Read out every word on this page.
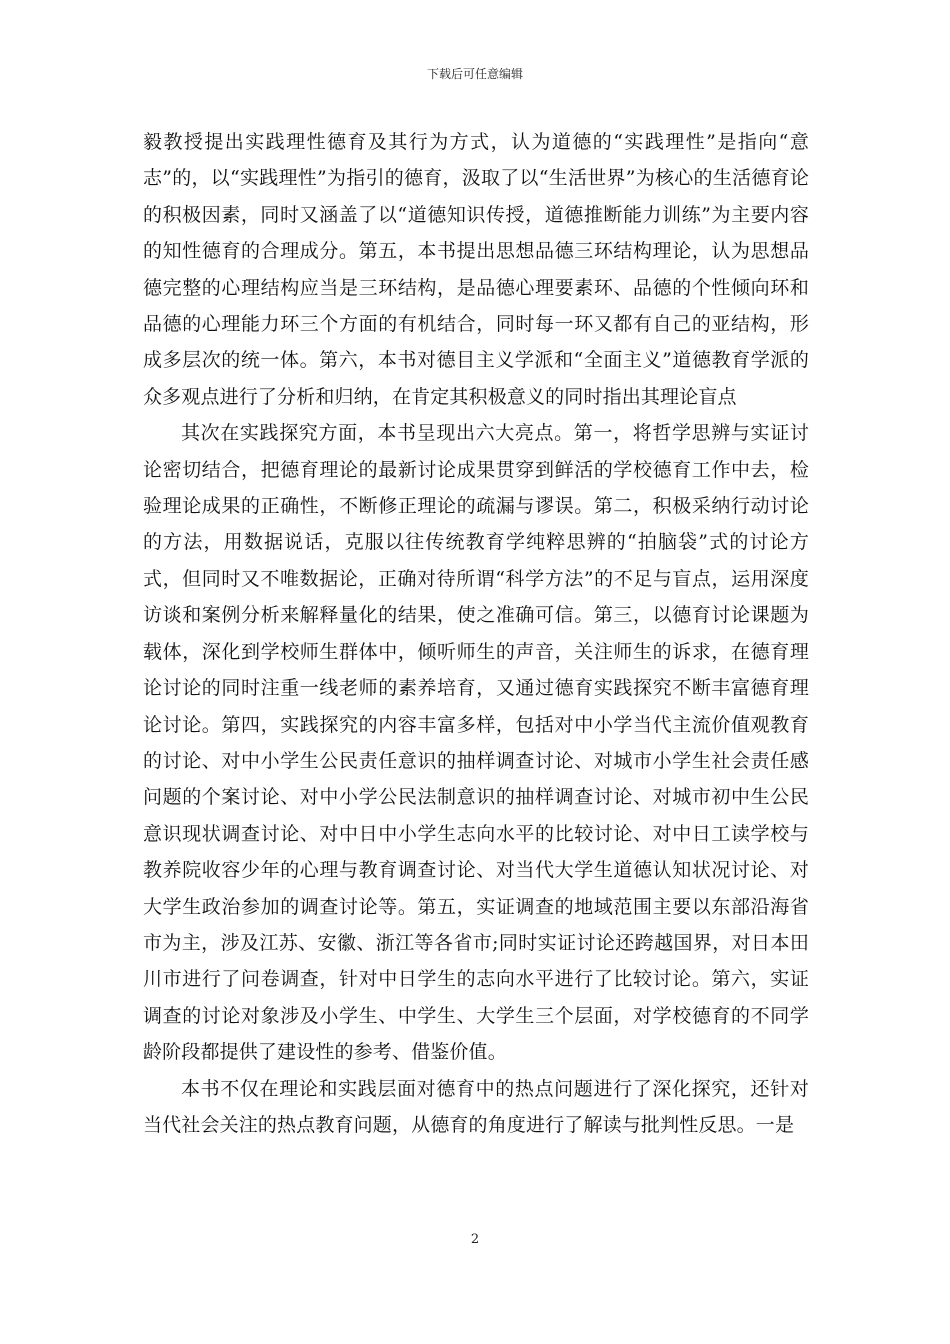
下载后可任意编辑

毅教授提出实践理性德育及其行为方式，认为道德的“实践理性”是指向“意志”的，以“实践理性”为指引的德育，汲取了以“生活世界”为核心的生活德育论的积极因素，同时又涵盖了以“道德知识传授，道德推断能力训练”为主要内容的知性德育的合理成分。第五，本书提出思想品德三环结构理论，认为思想品德完整的心理结构应当是三环结构，是品德心理要素环、品德的个性倾向环和品德的心理能力环三个方面的有机结合，同时每一环又都有自己的亚结构，形成多层次的统一体。第六，本书对德目主义学派和“全面主义”道德教育学派的众多观点进行了分析和归纳，在肯定其积极意义的同时指出其理论盲点

其次在实践探究方面，本书呈现出六大亮点。第一，将哲学思辨与实证讨论密切结合，把德育理论的最新讨论成果贯穿到鲜活的学校德育工作中去，检验理论成果的正确性，不断修正理论的疏漏与谬误。第二，积极采纳行动讨论的方法，用数据说话，克服以往传统教育学纯粹思辨的“拍脑袋”式的讨论方式，但同时又不唯数据论，正确对待所谓“科学方法”的不足与盲点，运用深度访谈和案例分析来解释量化的结果，使之准确可信。第三，以德育讨论课题为载体，深化到学校师生群体中，倾听师生的声音，关注师生的诉求，在德育理论讨论的同时注重一线老师的素养培育，又通过德育实践探究不断丰富德育理论讨论。第四，实践探究的内容丰富多样，包括对中小学当代主流价值观教育的讨论、对中小学生公民责任意识的抽样调查讨论、对城市小学生社会责任感问题的个案讨论、对中小学公民法制意识的抽样调查讨论、对城市初中生公民意识现状调查讨论、对中日中小学生志向水平的比较讨论、对中日工读学校与教养院收容少年的心理与教育调查讨论、对当代大学生道德认知状况讨论、对大学生政治参加的调查讨论等。第五，实证调查的地域范围主要以东部沿海省市为主，涉及江苏、安徽、浙江等各省市;同时实证讨论还跨越国界，对日本田川市进行了问卷调查，针对中日学生的志向水平进行了比较讨论。第六，实证调查的讨论对象涉及小学生、中学生、大学生三个层面，对学校德育的不同学龄阶段都提供了建设性的参考、借鉴价值。

本书不仅在理论和实践层面对德育中的热点问题进行了深化探究，还针对当代社会关注的热点教育问题，从德育的角度进行了解读与批判性反思。一是

2
